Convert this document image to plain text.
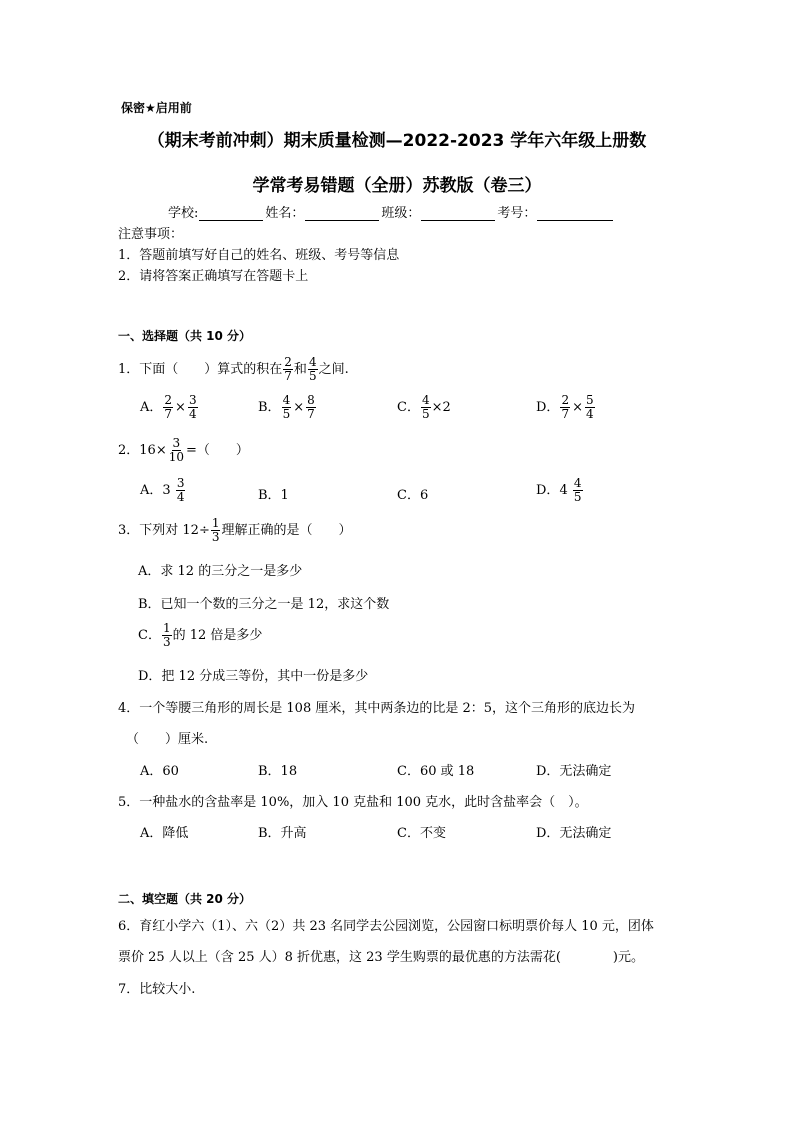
保密★启用前
（期末考前冲刺）期末质量检测—2022-2023 学年六年级上册数
学常考易错题（全册）苏教版（卷三）
学校:	姓名：	班级：	考号：
注意事项：
1．答题前填写好自己的姓名、班级、考号等信息
2．请将答案正确填写在答题卡上
一、选择题（共 10 分）
1．下面（　　）算式的积在 $\frac{2}{7}$ 和 $\frac{4}{5}$ 之间.
A． $\frac{2}{7} \times \frac{3}{4}$	B． $\frac{4}{5} \times \frac{8}{7}$	C． $\frac{4}{5} \times 2$	D． $\frac{2}{7} \times \frac{5}{4}$
2．$16\times \frac{3}{10}$ =（　　）
A．$3 \frac{3}{4}$	B．1	C．6	D．$4 \frac{4}{5}$
3．下列对 $12\div \frac{1}{3}$ 理解正确的是（　　）
A．求 12 的三分之一是多少
B．已知一个数的三分之一是 12，求这个数
C． $\frac{1}{3}$ 的 12 倍是多少
D．把 12 分成三等份，其中一份是多少
4．一个等腰三角形的周长是 108 厘米，其中两条边的比是 2：5，这个三角形的底边长为
（　　）厘米.
A．60	B．18	C．60 或 18	D．无法确定
5．一种盐水的含盐率是 10%，加入 10 克盐和 100 克水，此时含盐率会（　）。
A．降低	B．升高	C．不变	D．无法确定
二、填空题（共 20 分）
6．育红小学六（1）、六（2）共 23 名同学去公园浏览，公园窗口标明票价每人 10 元，团体
票价 25 人以上（含 25 人）8 折优惠，这 23 学生购票的最优惠的方法需花(　　　　)元。
7．比较大小.
